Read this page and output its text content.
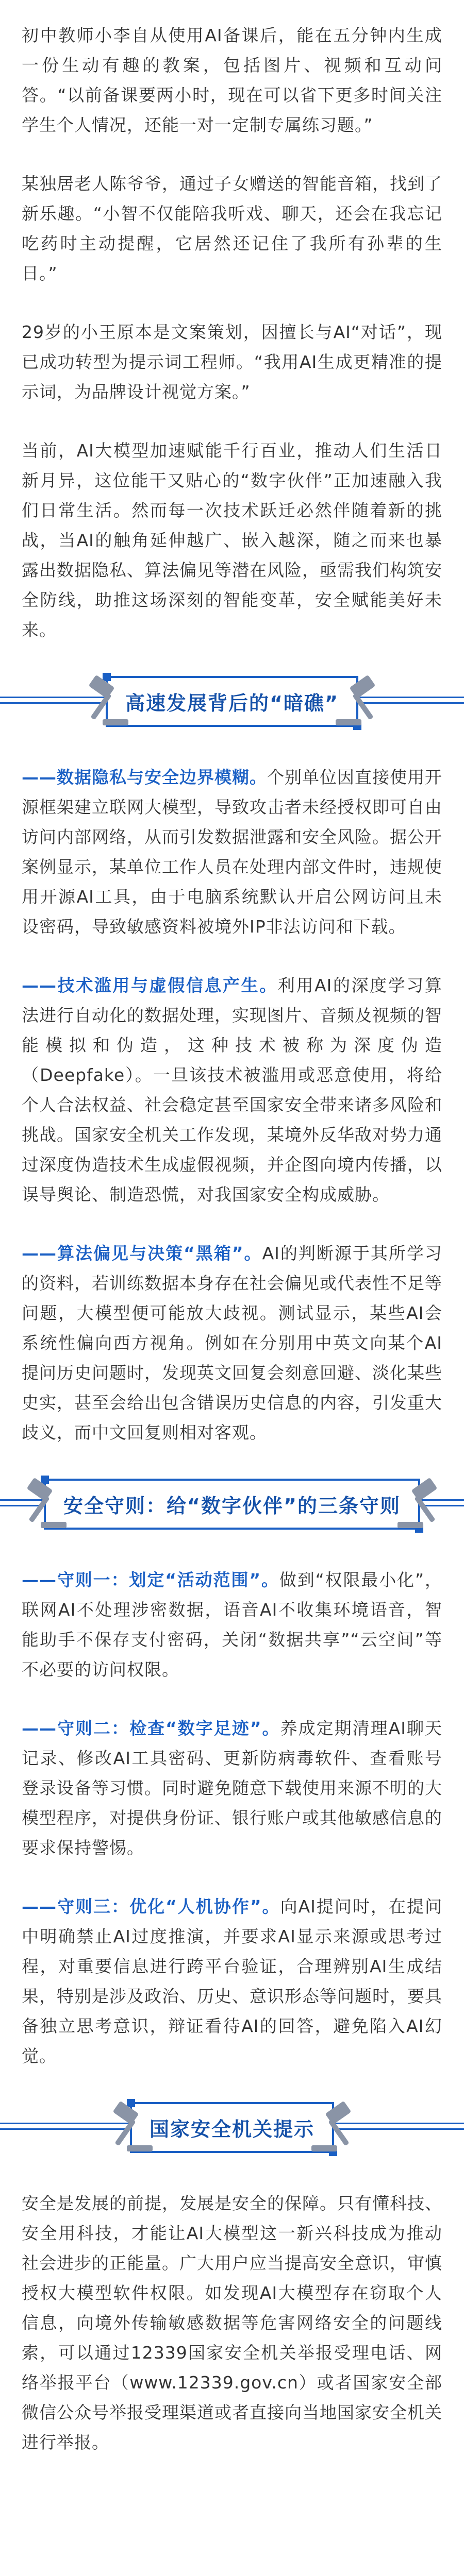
初中教师小李自从使用AI备课后，能在五分钟内生成一份生动有趣的教案，包括图片、视频和互动问答。“以前备课要两小时，现在可以省下更多时间关注学生个人情况，还能一对一定制专属练习题。”

某独居老人陈爷爷，通过子女赠送的智能音箱，找到了新乐趣。“小智不仅能陪我听戏、聊天，还会在我忘记吃药时主动提醒，它居然还记住了我所有孙辈的生日。”

29岁的小王原本是文案策划，因擅长与AI“对话”，现已成功转型为提示词工程师。“我用AI生成更精准的提示词，为品牌设计视觉方案。”

当前，AI大模型加速赋能千行百业，推动人们生活日新月异，这位能干又贴心的“数字伙伴”正加速融入我们日常生活。然而每一次技术跃迁必然伴随着新的挑战，当AI的触角延伸越广、嵌入越深，随之而来也暴露出数据隐私、算法偏见等潜在风险，亟需我们构筑安全防线，助推这场深刻的智能变革，安全赋能美好未来。

高速发展背后的“暗礁”

——数据隐私与安全边界模糊。个别单位因直接使用开源框架建立联网大模型，导致攻击者未经授权即可自由访问内部网络，从而引发数据泄露和安全风险。据公开案例显示，某单位工作人员在处理内部文件时，违规使用开源AI工具，由于电脑系统默认开启公网访问且未设密码，导致敏感资料被境外IP非法访问和下载。

——技术滥用与虚假信息产生。利用AI的深度学习算法进行自动化的数据处理，实现图片、音频及视频的智能模拟和伪造，这种技术被称为深度伪造（Deepfake）。一旦该技术被滥用或恶意使用，将给个人合法权益、社会稳定甚至国家安全带来诸多风险和挑战。国家安全机关工作发现，某境外反华敌对势力通过深度伪造技术生成虚假视频，并企图向境内传播，以误导舆论、制造恐慌，对我国家安全构成威胁。

——算法偏见与决策“黑箱”。AI的判断源于其所学习的资料，若训练数据本身存在社会偏见或代表性不足等问题，大模型便可能放大歧视。测试显示，某些AI会系统性偏向西方视角。例如在分别用中英文向某个AI提问历史问题时，发现英文回复会刻意回避、淡化某些史实，甚至会给出包含错误历史信息的内容，引发重大歧义，而中文回复则相对客观。

安全守则：给“数字伙伴”的三条守则

——守则一：划定“活动范围”。做到“权限最小化”，联网AI不处理涉密数据，语音AI不收集环境语音，智能助手不保存支付密码，关闭“数据共享”“云空间”等不必要的访问权限。

——守则二：检查“数字足迹”。养成定期清理AI聊天记录、修改AI工具密码、更新防病毒软件、查看账号登录设备等习惯。同时避免随意下载使用来源不明的大模型程序，对提供身份证、银行账户或其他敏感信息的要求保持警惕。

——守则三：优化“人机协作”。向AI提问时，在提问中明确禁止AI过度推演，并要求AI显示来源或思考过程，对重要信息进行跨平台验证，合理辨别AI生成结果，特别是涉及政治、历史、意识形态等问题时，要具备独立思考意识，辩证看待AI的回答，避免陷入AI幻觉。

国家安全机关提示

安全是发展的前提，发展是安全的保障。只有懂科技、安全用科技，才能让AI大模型这一新兴科技成为推动社会进步的正能量。广大用户应当提高安全意识，审慎授权大模型软件权限。如发现AI大模型存在窃取个人信息，向境外传输敏感数据等危害网络安全的问题线索，可以通过12339国家安全机关举报受理电话、网络举报平台（www.12339.gov.cn）或者国家安全部微信公众号举报受理渠道或者直接向当地国家安全机关进行举报。
